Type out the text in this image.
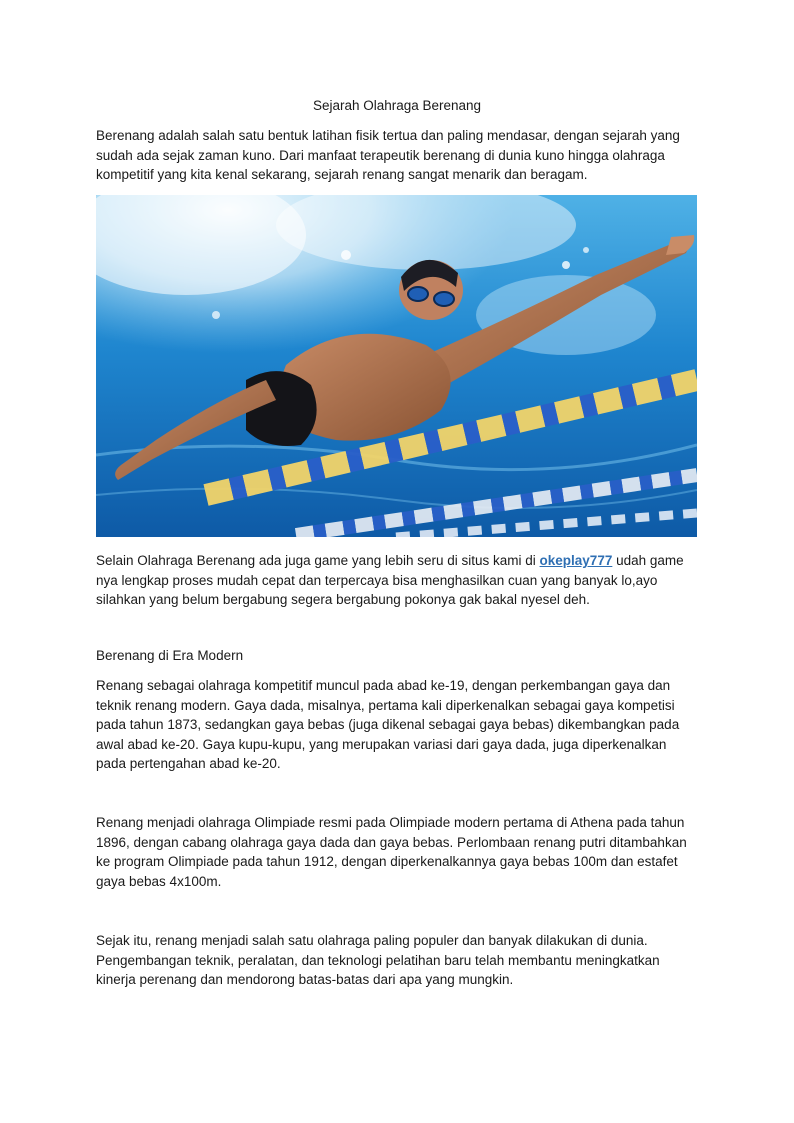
Sejarah Olahraga Berenang

Berenang adalah salah satu bentuk latihan fisik tertua dan paling mendasar, dengan sejarah yang sudah ada sejak zaman kuno. Dari manfaat terapeutik berenang di dunia kuno hingga olahraga kompetitif yang kita kenal sekarang, sejarah renang sangat menarik dan beragam.

Selain Olahraga Berenang ada juga game yang lebih seru di situs kami di okeplay777 udah game nya lengkap proses mudah cepat dan terpercaya bisa menghasilkan cuan yang banyak lo,ayo silahkan yang belum bergabung segera bergabung pokonya gak bakal nyesel deh.

Berenang di Era Modern

Renang sebagai olahraga kompetitif muncul pada abad ke-19, dengan perkembangan gaya dan teknik renang modern. Gaya dada, misalnya, pertama kali diperkenalkan sebagai gaya kompetisi pada tahun 1873, sedangkan gaya bebas (juga dikenal sebagai gaya bebas) dikembangkan pada awal abad ke-20. Gaya kupu-kupu, yang merupakan variasi dari gaya dada, juga diperkenalkan pada pertengahan abad ke-20.

Renang menjadi olahraga Olimpiade resmi pada Olimpiade modern pertama di Athena pada tahun 1896, dengan cabang olahraga gaya dada dan gaya bebas. Perlombaan renang putri ditambahkan ke program Olimpiade pada tahun 1912, dengan diperkenalkannya gaya bebas 100m dan estafet gaya bebas 4x100m.

Sejak itu, renang menjadi salah satu olahraga paling populer dan banyak dilakukan di dunia. Pengembangan teknik, peralatan, dan teknologi pelatihan baru telah membantu meningkatkan kinerja perenang dan mendorong batas-batas dari apa yang mungkin.
